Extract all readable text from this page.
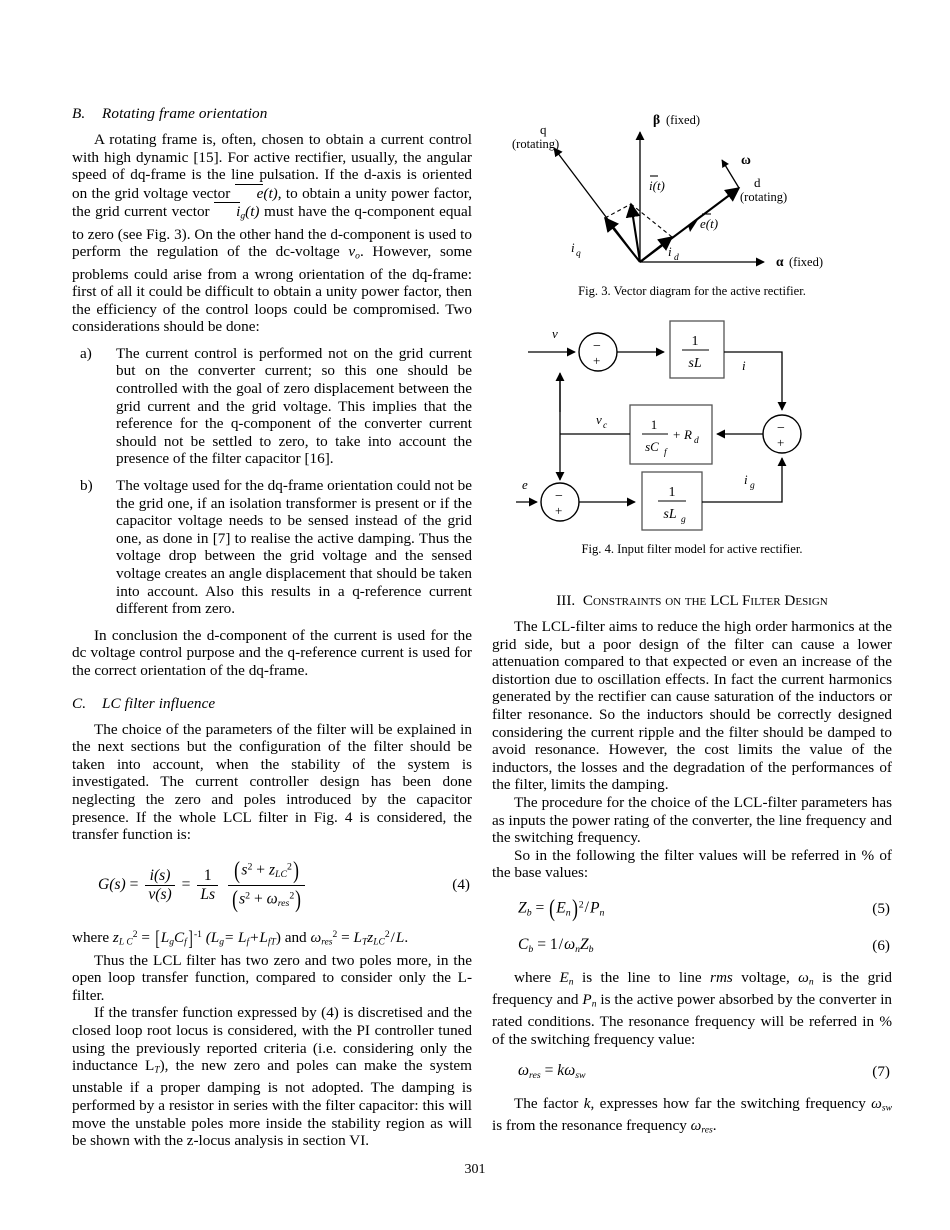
B. Rotating frame orientation

A rotating frame is, often, chosen to obtain a current control with high dynamic [15]. For active rectifier, usually, the angular speed of dq-frame is the line pulsation. If the d-axis is oriented on the grid voltage vector e(t), to obtain a unity power factor, the grid current vector $i_g(t)$ must have the q-component equal to zero (see Fig. 3). On the other hand the d-component is used to perform the regulation of the dc-voltage $v_o$. However, some problems could arise from a wrong orientation of the dq-frame: first of all it could be difficult to obtain a unity power factor, then the efficiency of the control loops could be compromised. Two considerations should be done:

a) The current control is performed not on the grid current but on the converter current; so this one should be controlled with the goal of zero displacement between the grid current and the grid voltage. This implies that the reference for the q-component of the converter current should not be settled to zero, to take into account the presence of the filter capacitor [16].
b) The voltage used for the dq-frame orientation could not be the grid one, if an isolation transformer is present or if the capacitor voltage needs to be sensed instead of the grid one, as done in [7] to realise the active damping. Thus the voltage drop between the grid voltage and the sensed voltage creates an angle displacement that should be taken into account. Also this results in a q-reference current different from zero.

In conclusion the d-component of the current is used for the dc voltage control purpose and the q-reference current is used for the correct orientation of the dq-frame.

C. LC filter influence

The choice of the parameters of the filter will be explained in the next sections but the configuration of the filter should be taken into account, when the stability of the system is investigated. The current controller design has been done neglecting the zero and poles introduced by the capacitor presence. If the whole LCL filter in Fig. 4 is considered, the transfer function is:

$G(s) = \frac{i(s)}{v(s)} = \frac{1}{Ls}$
$\frac{(s^2 + z_{LC}^2)}{(s^2 + \omega_{res}^2)}$	(4)

where $z_{L C}^2 = [L_gC_f]^{-1}$ $(L_g= L_f+L_{fT})$ and $\omega_{res}^2 = L_Tz_{LC}^2/L$.

Thus the LCL filter has two zero and two poles more, in the open loop transfer function, compared to consider only the L-filter.

If the transfer function expressed by (4) is discretised and the closed loop root locus is considered, with the PI controller tuned using the previously reported criteria (i.e. considering only the inductance $L_T$), the new zero and poles can make the system unstable if a proper damping is not adopted. The damping is performed by a resistor in series with the filter capacitor: this will move the unstable poles more inside the stability region as will be shown with the z-locus analysis in section VI.

β (fixed)
α (fixed)
q
(rotating)
d
(rotating)
ω
i(t)
e(t)
i q	i d
Fig. 3. Vector diagram for the active rectifier.
v
−
+
1
sL	i
−
+
1
sC f
+ R d
v c
e
−
+
1
sL g
i g
Fig. 4. Input filter model for active rectifier.
III. Constraints on the LCL Filter Design

The LCL-filter aims to reduce the high order harmonics at the grid side, but a poor design of the filter can cause a lower attenuation compared to that expected or even an increase of the distortion due to oscillation effects. In fact the current harmonics generated by the rectifier can cause saturation of the inductors or filter resonance. So the inductors should be correctly designed considering the current ripple and the filter should be damped to avoid resonance. However, the cost limits the value of the inductors, the losses and the degradation of the performances of the filter, limits the damping.

The procedure for the choice of the LCL-filter parameters has as inputs the power rating of the converter, the line frequency and the switching frequency.

So in the following the filter values will be referred in % of the base values:

$Z_b = (E_n)^2/P_n$	(5)
$C_b = 1/\omega_nZ_b$	(6)

where $E_n$ is the line to line rms voltage, $\omega_n$ is the grid frequency and $P_n$ is the active power absorbed by the converter in rated conditions. The resonance frequency will be referred in % of the switching frequency value:

$\omega_{res} = k\omega_{sw}$	(7)

The factor k, expresses how far the switching frequency $\omega_{sw}$ is from the resonance frequency $\omega_{res}$.

301
